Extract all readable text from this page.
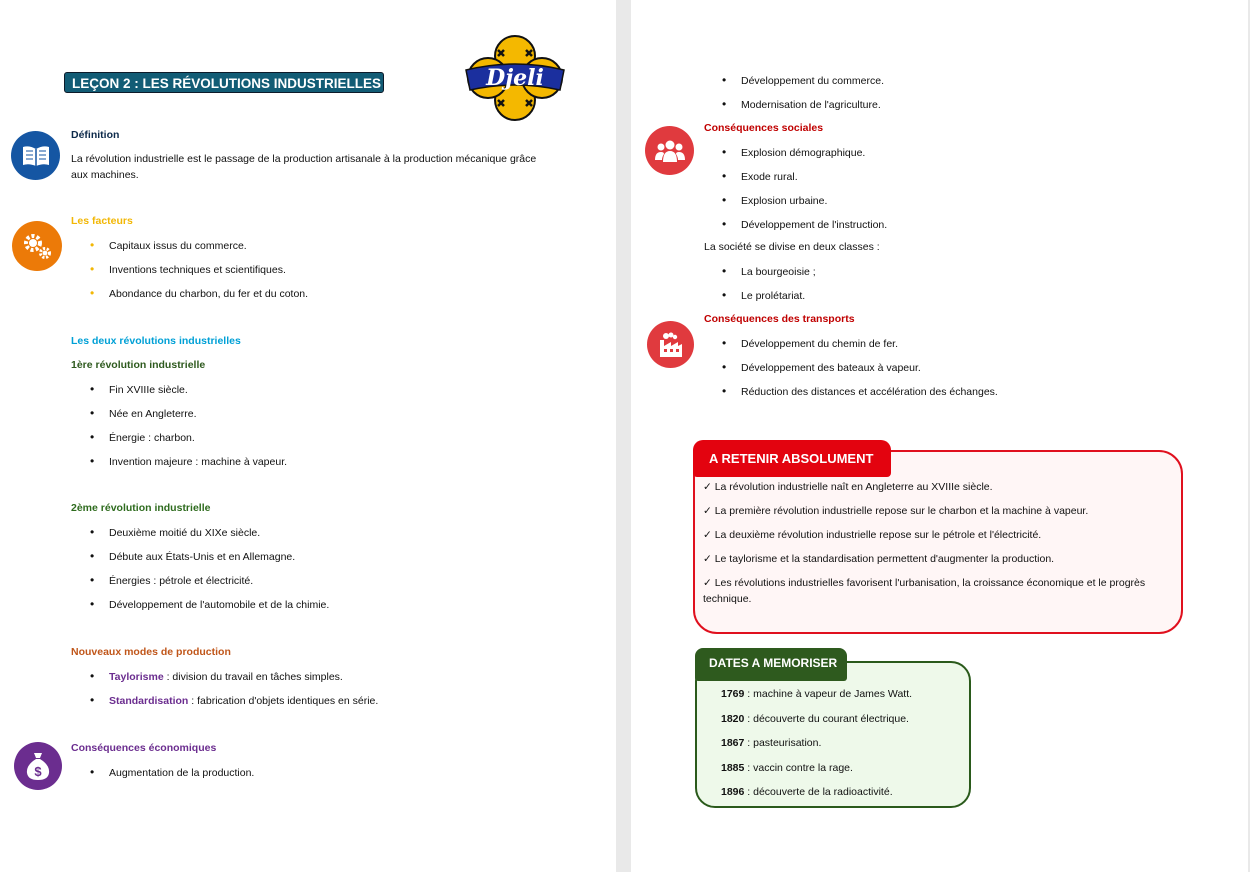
LEÇON 2 : LES RÉVOLUTIONS INDUSTRIELLES	Djeli
Définition
La révolution industrielle est le passage de la production artisanale à la production mécanique grâce aux machines.
Les facteurs
• Capitaux issus du commerce.
• Inventions techniques et scientifiques.
• Abondance du charbon, du fer et du coton.
Les deux révolutions industrielles
1ère révolution industrielle
• Fin XVIIIe siècle.
• Née en Angleterre.
• Énergie : charbon.
• Invention majeure : machine à vapeur.
2ème révolution industrielle
• Deuxième moitié du XIXe siècle.
• Débute aux États-Unis et en Allemagne.
• Énergies : pétrole et électricité.
• Développement de l'automobile et de la chimie.
Nouveaux modes de production
• Taylorisme : division du travail en tâches simples.
• Standardisation : fabrication d'objets identiques en série.
$
Conséquences économiques
• Augmentation de la production.
• Développement du commerce.
• Modernisation de l'agriculture.
Conséquences sociales
• Explosion démographique.
• Exode rural.
• Explosion urbaine.
• Développement de l'instruction.
La société se divise en deux classes :
• La bourgeoisie ;
• Le prolétariat.
Conséquences des transports
• Développement du chemin de fer.
• Développement des bateaux à vapeur.
• Réduction des distances et accélération des échanges.
A RETENIR ABSOLUMENT
✓ La révolution industrielle naît en Angleterre au XVIIIe siècle.
✓ La première révolution industrielle repose sur le charbon et la machine à vapeur.
✓ La deuxième révolution industrielle repose sur le pétrole et l'électricité.
✓ Le taylorisme et la standardisation permettent d'augmenter la production.
✓ Les révolutions industrielles favorisent l'urbanisation, la croissance économique et le progrès technique.
DATES A MEMORISER
1769 : machine à vapeur de James Watt.
1820 : découverte du courant électrique.
1867 : pasteurisation.
1885 : vaccin contre la rage.
1896 : découverte de la radioactivité.
